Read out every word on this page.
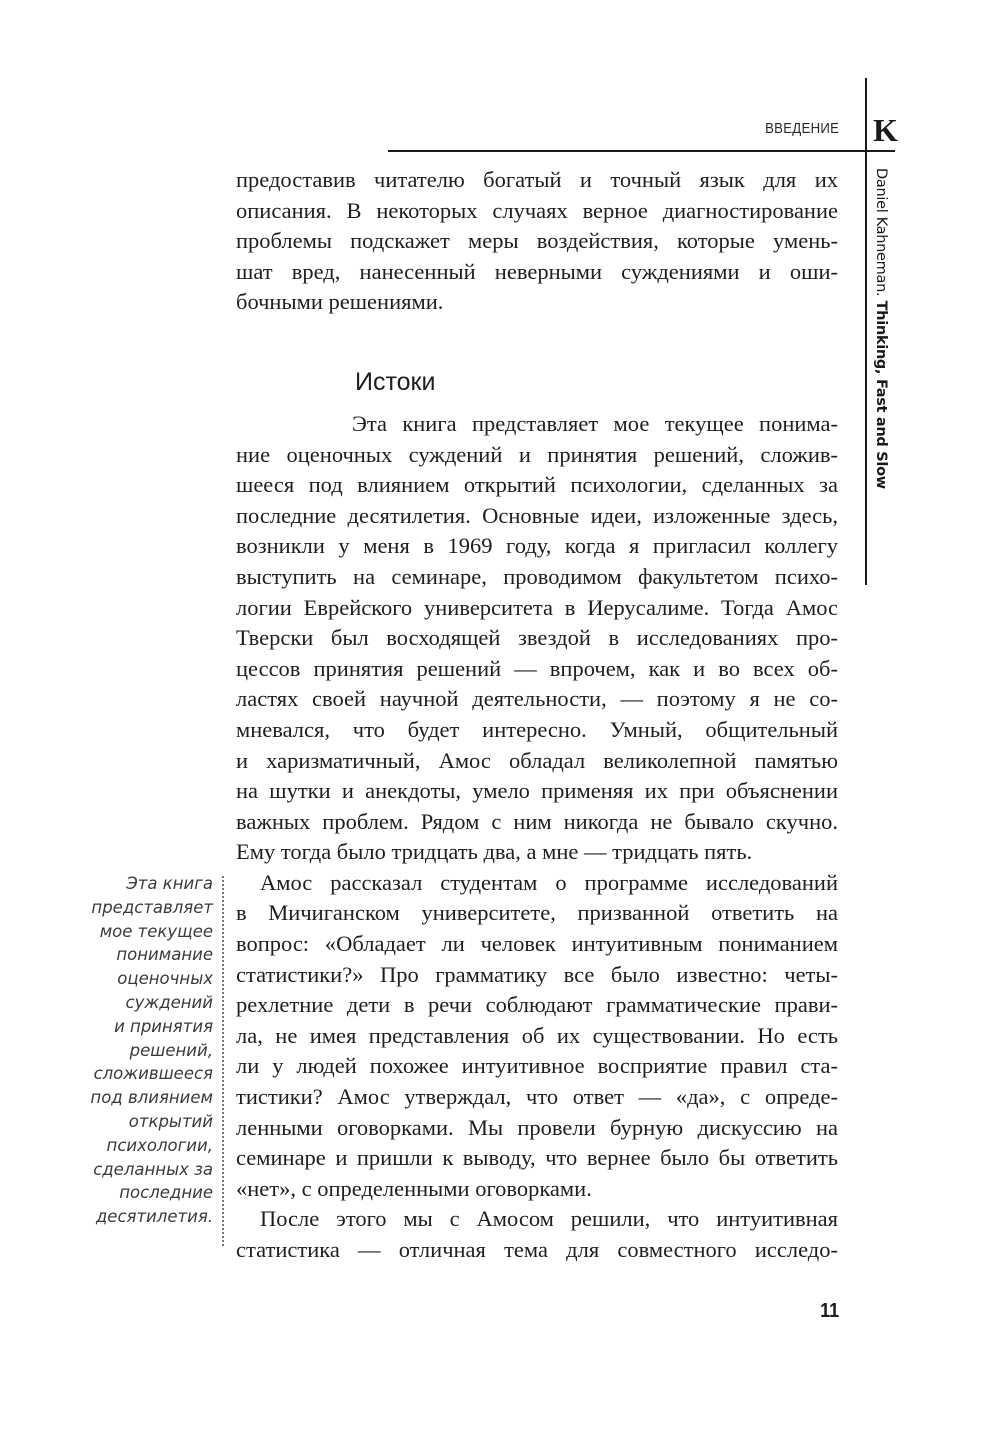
ВВЕДЕНИЕ K
Daniel Kahneman. Thinking, Fast and Slow

предоставив читателю богатый и точный язык для их
описания. В некоторых случаях верное диагностирование
проблемы подскажет меры воздействия, которые умень-
шат вред, нанесенный неверными суждениями и оши-
бочными решениями.

Истоки

Эта книга представляет мое текущее понима-
ние оценочных суждений и принятия решений, сложив-
шееся под влиянием открытий психологии, сделанных за
последние десятилетия. Основные идеи, изложенные здесь,
возникли у меня в 1969 году, когда я пригласил коллегу
выступить на семинаре, проводимом факультетом психо-
логии Еврейского университета в Иерусалиме. Тогда Амос
Тверски был восходящей звездой в исследованиях про-
цессов принятия решений — впрочем, как и во всех об-
ластях своей научной деятельности, — поэтому я не со-
мневался, что будет интересно. Умный, общительный
и харизматичный, Амос обладал великолепной памятью
на шутки и анекдоты, умело применяя их при объяснении
важных проблем. Рядом с ним никогда не бывало скучно.
Ему тогда было тридцать два, а мне — тридцать пять.

Амос рассказал студентам о программе исследований
в Мичиганском университете, призванной ответить на
вопрос: «Обладает ли человек интуитивным пониманием
статистики?» Про грамматику все было известно: четы-
рехлетние дети в речи соблюдают грамматические прави-
ла, не имея представления об их существовании. Но есть
ли у людей похожее интуитивное восприятие правил ста-
тистики? Амос утверждал, что ответ — «да», с опреде-
ленными оговорками. Мы провели бурную дискуссию на
семинаре и пришли к выводу, что вернее было бы ответить
«нет», с определенными оговорками.

После этого мы с Амосом решили, что интуитивная
статистика — отличная тема для совместного исследо-

Эта книга
представляет
мое текущее
понимание
оценочных
суждений
и принятия
решений,
сложившееся
под влиянием
открытий
психологии,
сделанных за
последние
десятилетия.
11
